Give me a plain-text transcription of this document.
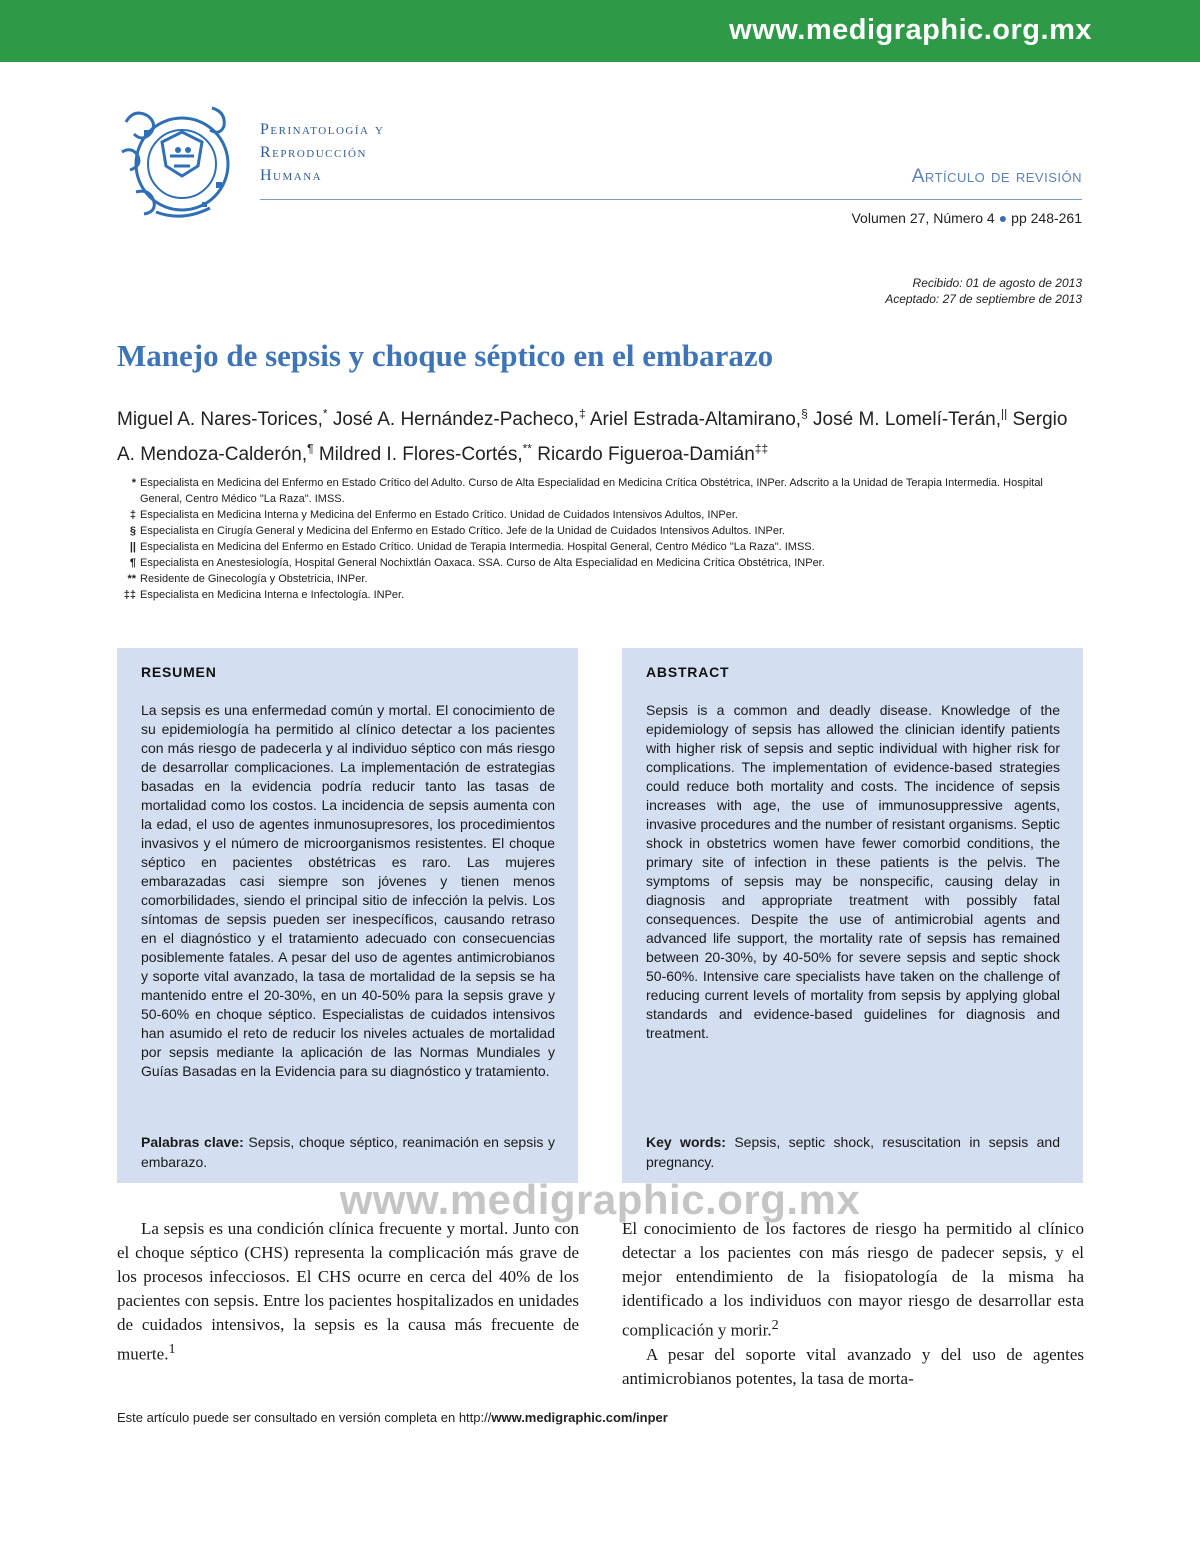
www.medigraphic.org.mx
Perinatología y
Reproducción
Humana	Artículo de revisión
Volumen 27, Número 4 ● pp 248-261
Recibido: 01 de agosto de 2013
Aceptado: 27 de septiembre de 2013
Manejo de sepsis y choque séptico en el embarazo
Miguel A. Nares-Torices,* José A. Hernández-Pacheco,‡ Ariel Estrada-Altamirano,§ José M. Lomelí-Terán,|| Sergio A. Mendoza-Calderón,¶ Mildred I. Flores-Cortés,** Ricardo Figueroa-Damián‡‡
* Especialista en Medicina del Enfermo en Estado Crítico del Adulto. Curso de Alta Especialidad en Medicina Crítica Obstétrica, INPer. Adscrito a la Unidad de Terapia Intermedia. Hospital General, Centro Médico "La Raza". IMSS.
‡ Especialista en Medicina Interna y Medicina del Enfermo en Estado Crítico. Unidad de Cuidados Intensivos Adultos, INPer.
§ Especialista en Cirugía General y Medicina del Enfermo en Estado Crítico. Jefe de la Unidad de Cuidados Intensivos Adultos. INPer.
|| Especialista en Medicina del Enfermo en Estado Crítico. Unidad de Terapia Intermedia. Hospital General, Centro Médico "La Raza". IMSS.
¶ Especialista en Anestesiología, Hospital General Nochixtlán Oaxaca. SSA. Curso de Alta Especialidad en Medicina Crítica Obstétrica, INPer.
** Residente de Ginecología y Obstetricia, INPer.
‡‡ Especialista en Medicina Interna e Infectología. INPer.
RESUMEN
La sepsis es una enfermedad común y mortal. El conocimiento de su epidemiología ha permitido al clínico detectar a los pacientes con más riesgo de padecerla y al individuo séptico con más riesgo de desarrollar complicaciones. La implementación de estrategias basadas en la evidencia podría reducir tanto las tasas de mortalidad como los costos. La incidencia de sepsis aumenta con la edad, el uso de agentes inmunosupresores, los procedimientos invasivos y el número de microorganismos resistentes. El choque séptico en pacientes obstétricas es raro. Las mujeres embarazadas casi siempre son jóvenes y tienen menos comorbilidades, siendo el principal sitio de infección la pelvis. Los síntomas de sepsis pueden ser inespecíficos, causando retraso en el diagnóstico y el tratamiento adecuado con consecuencias posiblemente fatales. A pesar del uso de agentes antimicrobianos y soporte vital avanzado, la tasa de mortalidad de la sepsis se ha mantenido entre el 20-30%, en un 40-50% para la sepsis grave y 50-60% en choque séptico. Especialistas de cuidados intensivos han asumido el reto de reducir los niveles actuales de mortalidad por sepsis mediante la aplicación de las Normas Mundiales y Guías Basadas en la Evidencia para su diagnóstico y tratamiento.
Palabras clave: Sepsis, choque séptico, reanimación en sepsis y embarazo.
ABSTRACT
Sepsis is a common and deadly disease. Knowledge of the epidemiology of sepsis has allowed the clinician identify patients with higher risk of sepsis and septic individual with higher risk for complications. The implementation of evidence-based strategies could reduce both mortality and costs. The incidence of sepsis increases with age, the use of immunosuppressive agents, invasive procedures and the number of resistant organisms. Septic shock in obstetrics women have fewer comorbid conditions, the primary site of infection in these patients is the pelvis. The symptoms of sepsis may be nonspecific, causing delay in diagnosis and appropriate treatment with possibly fatal consequences. Despite the use of antimicrobial agents and advanced life support, the mortality rate of sepsis has remained between 20-30%, by 40-50% for severe sepsis and septic shock 50-60%. Intensive care specialists have taken on the challenge of reducing current levels of mortality from sepsis by applying global standards and evidence-based guidelines for diagnosis and treatment.
Key words: Sepsis, septic shock, resuscitation in sepsis and pregnancy.
www.medigraphic.org.mx

La sepsis es una condición clínica frecuente y mortal. Junto con el choque séptico (CHS) representa la complicación más grave de los procesos infecciosos. El CHS ocurre en cerca del 40% de los pacientes con sepsis. Entre los pacientes hospitalizados en unidades de cuidados intensivos, la sepsis es la causa más frecuente de muerte.$^1$

El conocimiento de los factores de riesgo ha permitido al clínico detectar a los pacientes con más riesgo de padecer sepsis, y el mejor entendimiento de la fisiopatología de la misma ha identificado a los individuos con mayor riesgo de desarrollar esta complicación y morir.$^2$

A pesar del soporte vital avanzado y del uso de agentes antimicrobianos potentes, la tasa de morta-

Este artículo puede ser consultado en versión completa en http://www.medigraphic.com/inper
